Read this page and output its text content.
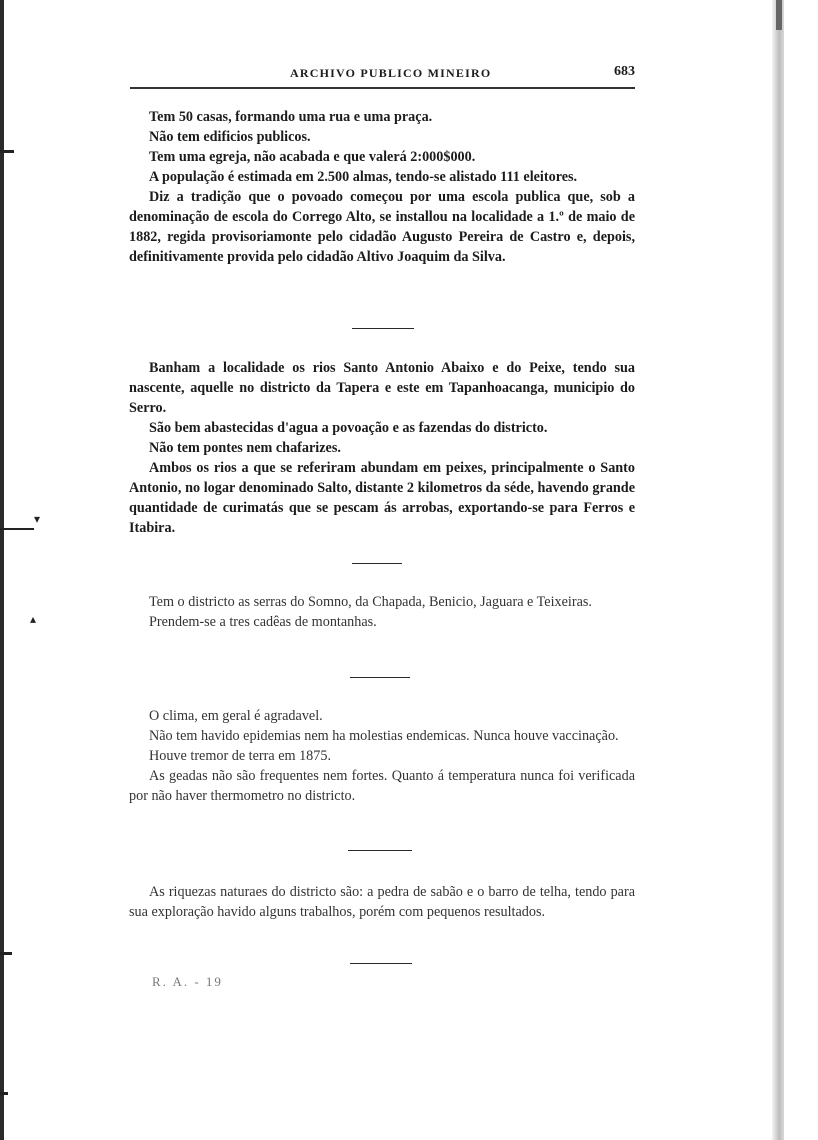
▾
▴
ARCHIVO PUBLICO MINEIRO	683

Tem 50 casas, formando uma rua e uma praça.

Não tem edificios publicos.

Tem uma egreja, não acabada e que valerá 2:000$000.

A população é estimada em 2.500 almas, tendo-se alistado 111 eleitores.

Diz a tradição que o povoado começou por uma escola publica que, sob a denominação de escola do Corrego Alto, se installou na localidade a 1.º de maio de 1882, regida provisoriamonte pelo cidadão Augusto Pereira de Castro e, depois, definitivamente provida pelo cidadão Altivo Joaquim da Silva.

Banham a localidade os rios Santo Antonio Abaixo e do Peixe, tendo sua nascente, aquelle no districto da Tapera e este em Tapanhoacanga, municipio do Serro.

São bem abastecidas d'agua a povoação e as fazendas do districto.

Não tem pontes nem chafarizes.

Ambos os rios a que se referiram abundam em peixes, principalmente o Santo Antonio, no logar denominado Salto, distante 2 kilometros da séde, havendo grande quantidade de curimatás que se pescam ás arrobas, exportando-se para Ferros e Itabira.

Tem o districto as serras do Somno, da Chapada, Benicio, Jaguara e Teixeiras.

Prendem-se a tres cadêas de montanhas.

O clima, em geral é agradavel.

Não tem havido epidemias nem ha molestias endemicas. Nunca houve vaccinação.

Houve tremor de terra em 1875.

As geadas não são frequentes nem fortes. Quanto á temperatura nunca foi verificada por não haver thermometro no districto.

As riquezas naturaes do districto são: a pedra de sabão e o barro de telha, tendo para sua exploração havido alguns trabalhos, porém com pequenos resultados.

R. A. - 19
